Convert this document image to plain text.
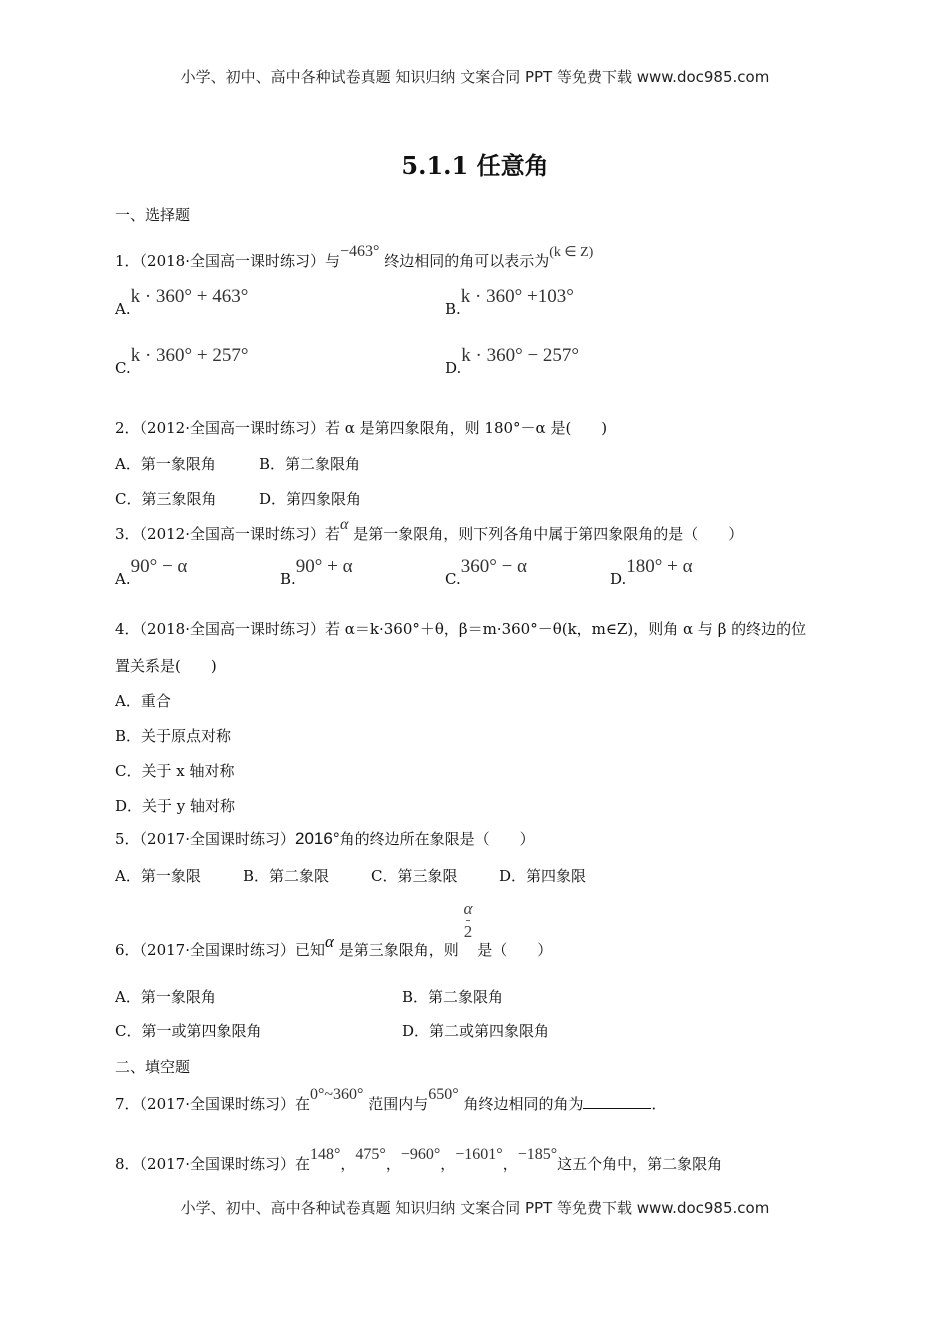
小学、初中、高中各种试卷真题 知识归纳 文案合同 PPT 等免费下载 www.doc985.com
5.1.1 任意角
一、选择题
1．（2018·全国高一课时练习）与−463° 终边相同的角可以表示为(k ∈ Z)
A.k · 360° + 463°
B.k · 360° +103°
C.k · 360° + 257°
D.k · 360° − 257°
2．（2012·全国高一课时练习）若 α 是第四象限角，则 180°－α 是(　　)
A．第一象限角	B．第二象限角
C．第三象限角	D．第四象限角
3．（2012·全国高一课时练习）若α 是第一象限角，则下列各角中属于第四象限角的是（　　）
A.90° − α
B.90° + α
C.360° − α
D.180° + α
4．（2018·全国高一课时练习）若 α＝k·360°＋θ，β＝m·360°－θ(k，m∈Z)，则角 α 与 β 的终边的位
置关系是(　　)
A．重合
B．关于原点对称
C．关于 x 轴对称
D．关于 y 轴对称
5．（2017·全国课时练习）2016°角的终边所在象限是（　　）
A．第一象限	B．第二象限	C．第三象限	D．第四象限
6．（2017·全国课时练习）已知α 是第三象限角，则 $\frac{\alpha}{2}$ 是（　　）
A．第一象限角	B．第二象限角
C．第一或第四象限角	D．第二或第四象限角
二、填空题
7．（2017·全国课时练习）在0°~360° 范围内与650° 角终边相同的角为	．
8．（2017·全国课时练习）在148°，475°，−960°，−1601°，−185°这五个角中，第二象限角
小学、初中、高中各种试卷真题 知识归纳 文案合同 PPT 等免费下载 www.doc985.com
